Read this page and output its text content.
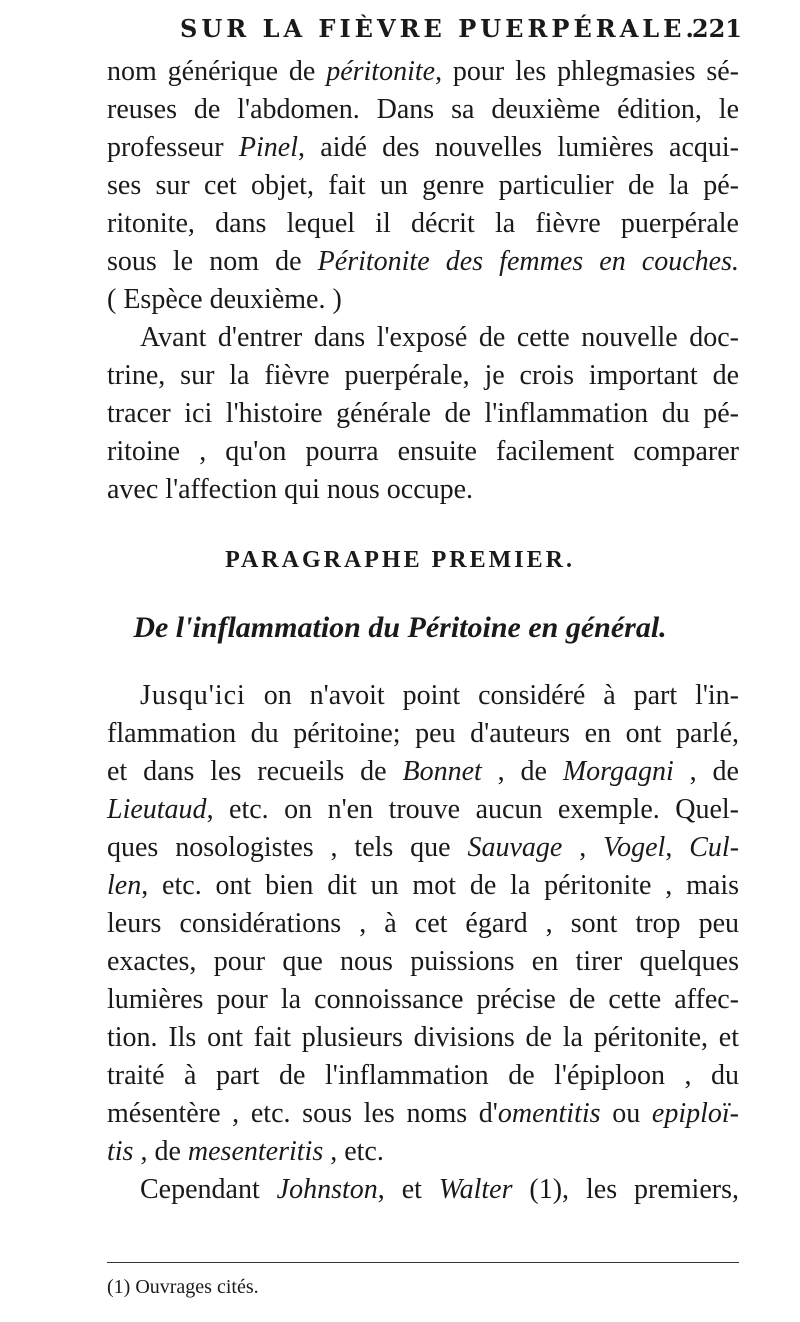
SUR LA FIÈVRE PUERPÉRALE.
221
nom générique de péritonite, pour les phlegmasies sé-
reuses de l'abdomen. Dans sa deuxième édition, le
professeur Pinel, aidé des nouvelles lumières acqui-
ses sur cet objet, fait un genre particulier de la pé-
ritonite, dans lequel il décrit la fièvre puerpérale
sous le nom de Péritonite des femmes en couches.
( Espèce deuxième. )
Avant d'entrer dans l'exposé de cette nouvelle doc-
trine, sur la fièvre puerpérale, je crois important de
tracer ici l'histoire générale de l'inflammation du pé-
ritoine , qu'on pourra ensuite facilement comparer
avec l'affection qui nous occupe.
PARAGRAPHE PREMIER.
De l'inflammation du Péritoine en général.
Jusqu'ici on n'avoit point considéré à part l'in-
flammation du péritoine; peu d'auteurs en ont parlé,
et dans les recueils de Bonnet , de Morgagni , de
Lieutaud, etc. on n'en trouve aucun exemple. Quel-
ques nosologistes , tels que Sauvage , Vogel, Cul-
len, etc. ont bien dit un mot de la péritonite , mais
leurs considérations , à cet égard , sont trop peu
exactes, pour que nous puissions en tirer quelques
lumières pour la connoissance précise de cette affec-
tion. Ils ont fait plusieurs divisions de la péritonite, et
traité à part de l'inflammation de l'épiploon , du
mésentère , etc. sous les noms d'omentitis ou epiploï-
tis , de mesenteritis , etc.
Cependant Johnston, et Walter (1), les premiers,
(1) Ouvrages cités.
